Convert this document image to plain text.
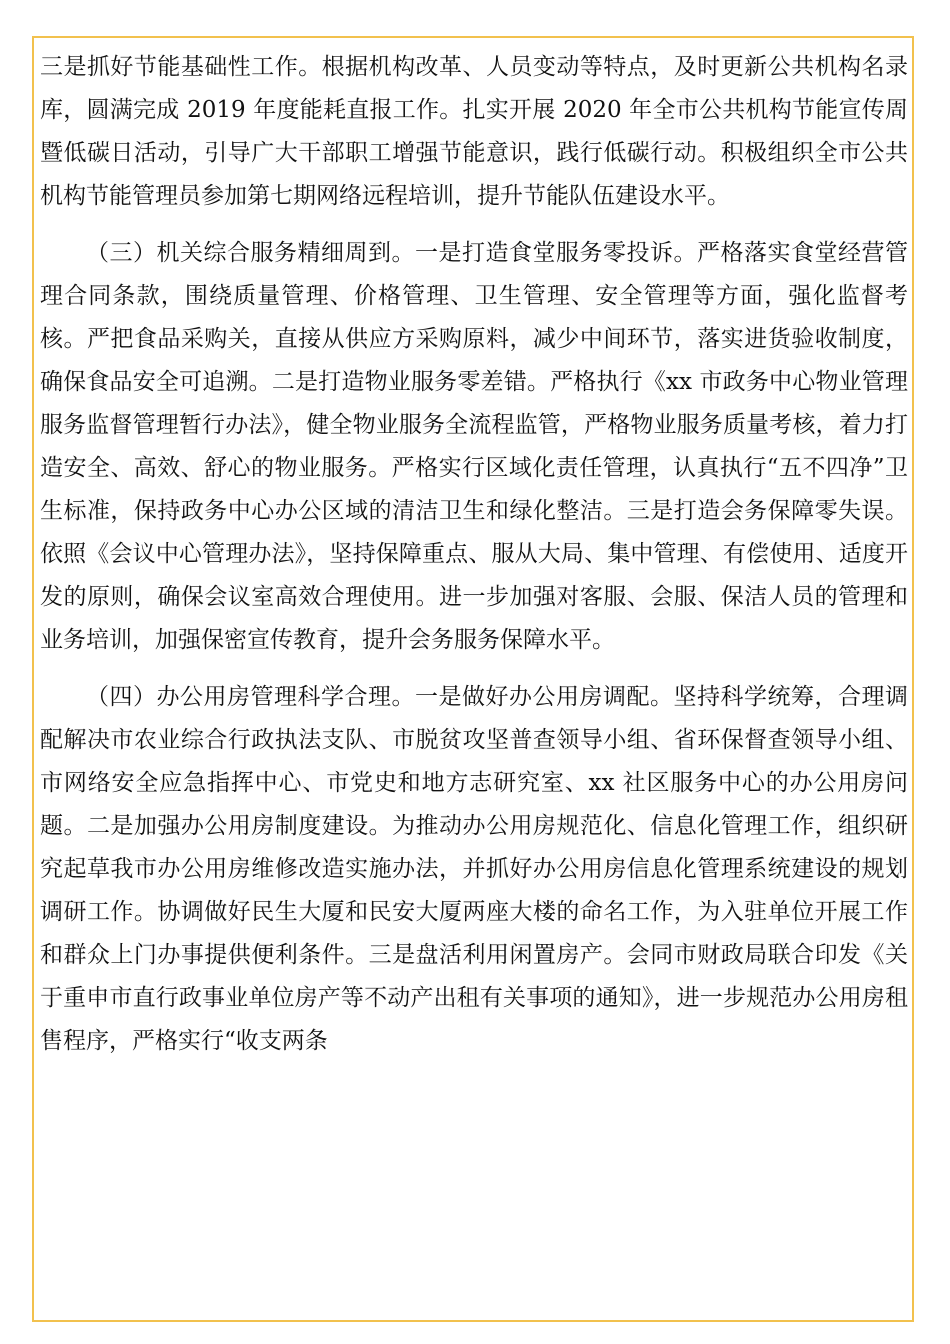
三是抓好节能基础性工作。根据机构改革、人员变动等特点，及时更新公共机构名录库，圆满完成 2019 年度能耗直报工作。扎实开展 2020 年全市公共机构节能宣传周暨低碳日活动，引导广大干部职工增强节能意识，践行低碳行动。积极组织全市公共机构节能管理员参加第七期网络远程培训，提升节能队伍建设水平。

（三）机关综合服务精细周到。一是打造食堂服务零投诉。严格落实食堂经营管理合同条款，围绕质量管理、价格管理、卫生管理、安全管理等方面，强化监督考核。严把食品采购关，直接从供应方采购原料，减少中间环节，落实进货验收制度，确保食品安全可追溯。二是打造物业服务零差错。严格执行《xx 市政务中心物业管理服务监督管理暂行办法》，健全物业服务全流程监管，严格物业服务质量考核，着力打造安全、高效、舒心的物业服务。严格实行区域化责任管理，认真执行“五不四净”卫生标准，保持政务中心办公区域的清洁卫生和绿化整洁。三是打造会务保障零失误。依照《会议中心管理办法》，坚持保障重点、服从大局、集中管理、有偿使用、适度开发的原则，确保会议室高效合理使用。进一步加强对客服、会服、保洁人员的管理和业务培训，加强保密宣传教育，提升会务服务保障水平。

（四）办公用房管理科学合理。一是做好办公用房调配。坚持科学统筹，合理调配解决市农业综合行政执法支队、市脱贫攻坚普查领导小组、省环保督查领导小组、市网络安全应急指挥中心、市党史和地方志研究室、xx 社区服务中心的办公用房问题。二是加强办公用房制度建设。为推动办公用房规范化、信息化管理工作，组织研究起草我市办公用房维修改造实施办法，并抓好办公用房信息化管理系统建设的规划调研工作。协调做好民生大厦和民安大厦两座大楼的命名工作，为入驻单位开展工作和群众上门办事提供便利条件。三是盘活利用闲置房产。会同市财政局联合印发《关于重申市直行政事业单位房产等不动产出租有关事项的通知》，进一步规范办公用房租售程序，严格实行“收支两条
